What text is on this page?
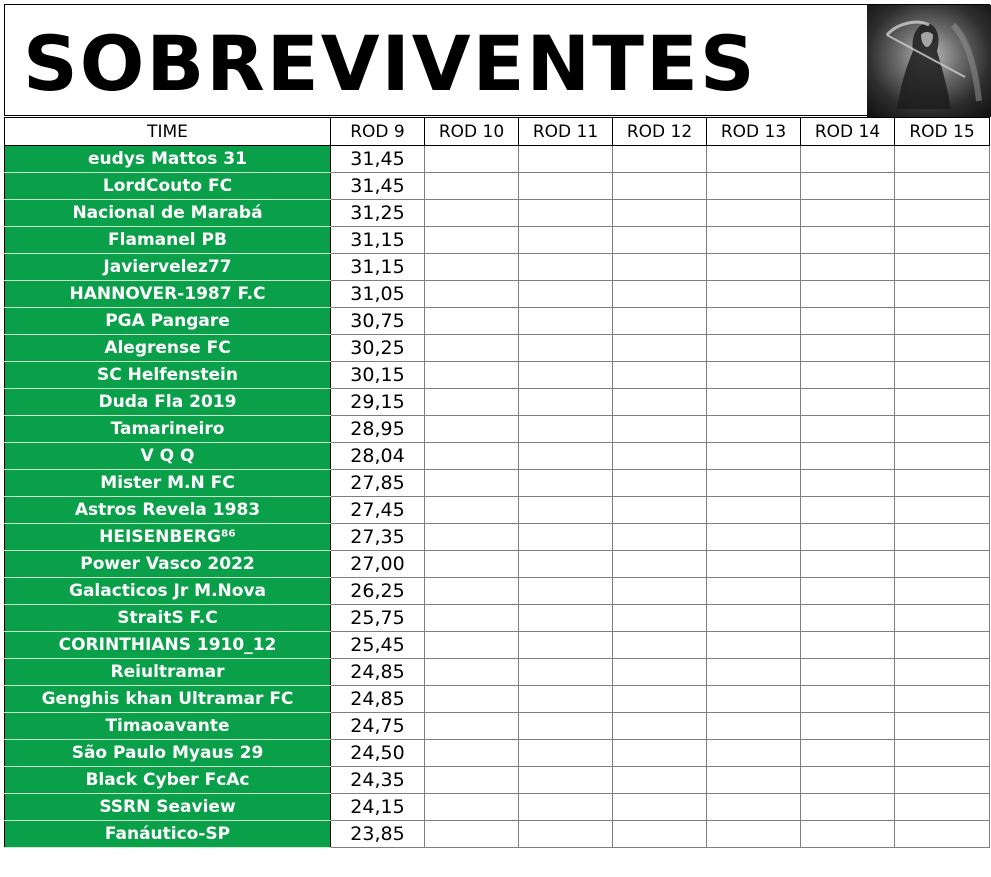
SOBREVIVENTES
TIME	ROD 9	ROD 10	ROD 11	ROD 12	ROD 13	ROD 14	ROD 15
eudys Mattos 31	31,45						
LordCouto FC	31,45						
Nacional de Marabá	31,25						
Flamanel PB	31,15						
Javiervelez77	31,15						
HANNOVER-1987 F.C	31,05						
PGA Pangare	30,75						
Alegrense FC	30,25						
SC Helfenstein	30,15						
Duda Fla 2019	29,15						
Tamarineiro	28,95						
V Q Q	28,04						
Mister M.N FC	27,85						
Astros Revela 1983	27,45						
HEISENBERG⁸⁶	27,35						
Power Vasco 2022	27,00						
Galacticos Jr M.Nova	26,25						
StraitS F.C	25,75						
CORINTHIANS 1910_12	25,45						
Reiultramar	24,85						
Genghis khan Ultramar FC	24,85						
Timaoavante	24,75						
São Paulo Myaus 29	24,50						
Black Cyber FcAc	24,35						
SSRN Seaview	24,15						
Fanáutico-SP	23,85						
